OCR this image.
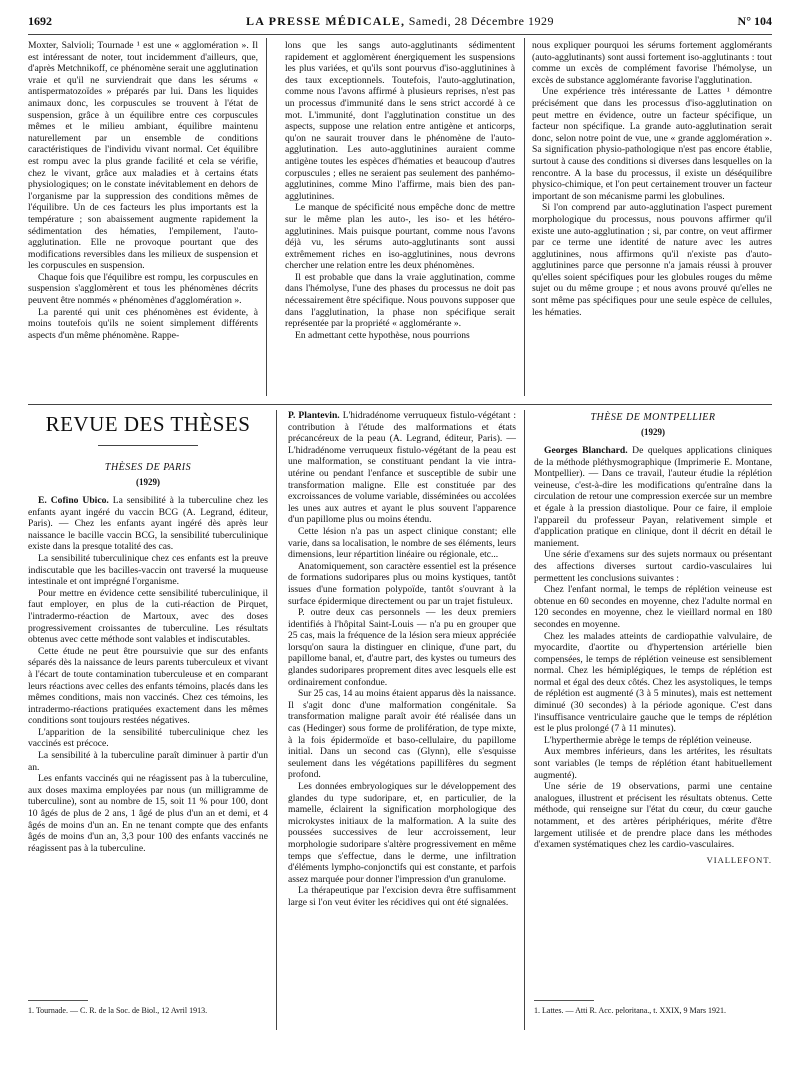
1692	LA PRESSE MÉDICALE, Samedi, 28 Décembre 1929	N° 104

Moxter, Salvioli; Tournade ¹ est une « agglomération ». Il est intéressant de noter, tout incidemment d'ailleurs, que, d'après Metchnikoff, ce phénomène serait une agglutination vraie et qu'il ne surviendrait que dans les sérums « antispermatozoïdes » préparés par lui. Dans les liquides animaux donc, les corpuscules se trouvent à l'état de suspension, grâce à un équilibre entre ces corpuscules mêmes et le milieu ambiant, équilibre maintenu naturellement par un ensemble de conditions caractéristiques de l'individu vivant normal. Cet équilibre est rompu avec la plus grande facilité et cela se vérifie, chez le vivant, grâce aux maladies et à certains états physiologiques; on le constate inévitablement en dehors de l'organisme par la suppression des conditions mêmes de l'équilibre. Un de ces facteurs les plus importants est la température ; son abaissement augmente rapidement la sédimentation des hématies, l'empilement, l'auto-agglutination. Elle ne provoque pourtant que des modifications reversibles dans les milieux de suspension et les corpuscules en suspension.

Chaque fois que l'équilibre est rompu, les corpuscules en suspension s'agglomèrent et tous les phénomènes décrits peuvent être nommés « phénomènes d'agglomération ».

La parenté qui unit ces phénomènes est évidente, à moins toutefois qu'ils ne soient simplement différents aspects d'un même phénomène. Rappe-

lons que les sangs auto-agglutinants sédimentent rapidement et agglomèrent énergiquement les suspensions les plus variées, et qu'ils sont pourvus d'iso-agglutinines à des taux exceptionnels. Toutefois, l'auto-agglutination, comme nous l'avons affirmé à plusieurs reprises, n'est pas un processus d'immunité dans le sens strict accordé à ce mot. L'immunité, dont l'agglutination constitue un des aspects, suppose une relation entre antigène et anticorps, qu'on ne saurait trouver dans le phénomène de l'auto-agglutination. Les auto-agglutinines auraient comme antigène toutes les espèces d'hématies et beaucoup d'autres corpuscules ; elles ne seraient pas seulement des panhémo-agglutinines, comme Mino l'affirme, mais bien des pan-agglutinines.

Le manque de spécificité nous empêche donc de mettre sur le même plan les auto-, les iso- et les hétéro-agglutinines. Mais puisque pourtant, comme nous l'avons déjà vu, les sérums auto-agglutinants sont aussi extrêmement riches en iso-agglutinines, nous devrons chercher une relation entre les deux phénomènes.

Il est probable que dans la vraie agglutination, comme dans l'hémolyse, l'une des phases du processus ne doit pas nécessairement être spécifique. Nous pouvons supposer que dans l'agglutination, la phase non spécifique serait représentée par la propriété « agglomérante ».

En admettant cette hypothèse, nous pourrions

nous expliquer pourquoi les sérums fortement agglomérants (auto-agglutinants) sont aussi fortement iso-agglutinants : tout comme un excès de complément favorise l'hémolyse, un excès de substance agglomérante favorise l'agglutination.

Une expérience très intéressante de Lattes ¹ démontre précisément que dans les processus d'iso-agglutination on peut mettre en évidence, outre un facteur spécifique, un facteur non spécifique. La grande auto-agglutination serait donc, selon notre point de vue, une « grande agglomération ». Sa signification physio-pathologique n'est pas encore établie, surtout à cause des conditions si diverses dans lesquelles on la rencontre. A la base du processus, il existe un déséquilibre physico-chimique, et l'on peut certainement trouver un facteur important de son mécanisme parmi les globulines.

Si l'on comprend par auto-agglutination l'aspect purement morphologique du processus, nous pouvons affirmer qu'il existe une auto-agglutination ; si, par contre, on veut affirmer par ce terme une identité de nature avec les autres agglutinines, nous affirmons qu'il n'existe pas d'auto-agglutinines parce que personne n'a jamais réussi à prouver qu'elles soient spécifiques pour les globules rouges du même sujet ou du même groupe ; et nous avons prouvé qu'elles ne sont même pas spécifiques pour une seule espèce de cellules, les hématies.

REVUE DES THÈSES
THÈSES DE PARIS
(1929)

E. Cofino Ubico. La sensibilité à la tuberculine chez les enfants ayant ingéré du vaccin BCG (A. Legrand, éditeur, Paris). — Chez les enfants ayant ingéré dès après leur naissance le bacille vaccin BCG, la sensibilité tuberculinique existe dans la presque totalité des cas.

La sensibilité tuberculinique chez ces enfants est la preuve indiscutable que les bacilles-vaccin ont traversé la muqueuse intestinale et ont imprégné l'organisme.

Pour mettre en évidence cette sensibilité tuberculinique, il faut employer, en plus de la cuti-réaction de Pirquet, l'intradermo-réaction de Martoux, avec des doses progressivement croissantes de tuberculine. Les résultats obtenus avec cette méthode sont valables et indiscutables.

Cette étude ne peut être poursuivie que sur des enfants séparés dès la naissance de leurs parents tuberculeux et vivant à l'écart de toute contamination tuberculeuse et en comparant leurs réactions avec celles des enfants témoins, placés dans les mêmes conditions, mais non vaccinés. Chez ces témoins, les intradermo-réactions pratiquées exactement dans les mêmes conditions sont toujours restées négatives.

L'apparition de la sensibilité tuberculinique chez les vaccinés est précoce.

La sensibilité à la tuberculine paraît diminuer à partir d'un an.

Les enfants vaccinés qui ne réagissent pas à la tuberculine, aux doses maxima employées par nous (un milligramme de tuberculine), sont au nombre de 15, soit 11 % pour 100, dont 10 âgés de plus de 2 ans, 1 âgé de plus d'un an et demi, et 4 âgés de moins d'un an. En ne tenant compte que des enfants âgés de moins d'un an, 3,3 pour 100 des enfants vaccinés ne réagissent pas à la tuberculine.

1. Tournade. — C. R. de la Soc. de Biol., 12 Avril 1913.

P. Plantevin. L'hidradénome verruqueux fistulo-végétant : contribution à l'étude des malformations et états précancéreux de la peau (A. Legrand, éditeur, Paris). — L'hidradénome verruqueux fistulo-végétant de la peau est une malformation, se constituant pendant la vie intra-utérine ou pendant l'enfance et susceptible de subir une transformation maligne. Elle est constituée par des excroissances de volume variable, disséminées ou accolées les unes aux autres et ayant le plus souvent l'apparence d'un papillome plus ou moins étendu.

Cette lésion n'a pas un aspect clinique constant; elle varie, dans sa localisation, le nombre de ses éléments, leurs dimensions, leur répartition linéaire ou régionale, etc...

Anatomiquement, son caractère essentiel est la présence de formations sudoripares plus ou moins kystiques, tantôt issues d'une formation polypoïde, tantôt s'ouvrant à la surface épidermique directement ou par un trajet fistuleux.

P. outre deux cas personnels — les deux premiers identifiés à l'hôpital Saint-Louis — n'a pu en grouper que 25 cas, mais la fréquence de la lésion sera mieux appréciée lorsqu'on saura la distinguer en clinique, d'une part, du papillome banal, et, d'autre part, des kystes ou tumeurs des glandes sudoripares proprement dites avec lesquels elle est ordinairement confondue.

Sur 25 cas, 14 au moins étaient apparus dès la naissance. Il s'agit donc d'une malformation congénitale. Sa transformation maligne paraît avoir été réalisée dans un cas (Hedinger) sous forme de prolifération, de type mixte, à la fois épidermoïde et baso-cellulaire, du papillome initial. Dans un second cas (Glynn), elle s'esquisse seulement dans les végétations papillifères du segment profond.

Les données embryologiques sur le développement des glandes du type sudoripare, et, en particulier, de la mamelle, éclairent la signification morphologique des microkystes initiaux de la malformation. A la suite des poussées successives de leur accroissement, leur morphologie sudoripare s'altère progressivement en même temps que s'effectue, dans le derme, une infiltration d'éléments lympho-conjonctifs qui est constante, et parfois assez marquée pour donner l'impression d'un granulome.

La thérapeutique par l'excision devra être suffisamment large si l'on veut éviter les récidives qui ont été signalées.

THÈSE DE MONTPELLIER
(1929)

Georges Blanchard. De quelques applications cliniques de la méthode pléthysmographique (Imprimerie E. Montane, Montpellier). — Dans ce travail, l'auteur étudie la réplétion veineuse, c'est-à-dire les modifications qu'entraîne dans la circulation de retour une compression exercée sur un membre et égale à la pression diastolique. Pour ce faire, il emploie l'appareil du professeur Payan, relativement simple et d'application pratique en clinique, dont il décrit en détail le maniement.

Une série d'examens sur des sujets normaux ou présentant des affections diverses surtout cardio-vasculaires lui permettent les conclusions suivantes :

Chez l'enfant normal, le temps de réplétion veineuse est obtenue en 60 secondes en moyenne, chez l'adulte normal en 120 secondes en moyenne, chez le vieillard normal en 180 secondes en moyenne.

Chez les malades atteints de cardiopathie valvulaire, de myocardite, d'aortite ou d'hypertension artérielle bien compensées, le temps de réplétion veineuse est sensiblement normal. Chez les hémiplégiques, le temps de réplétion est normal et égal des deux côtés. Chez les asystoliques, le temps de réplétion est augmenté (3 à 5 minutes), mais est nettement diminué (30 secondes) à la période agonique. C'est dans l'insuffisance ventriculaire gauche que le temps de réplétion est le plus prolongé (7 à 11 minutes).

L'hyperthermie abrège le temps de réplétion veineuse.

Aux membres inférieurs, dans les artérites, les résultats sont variables (le temps de réplétion étant habituellement augmenté).

Une série de 19 observations, parmi une centaine analogues, illustrent et précisent les résultats obtenus. Cette méthode, qui renseigne sur l'état du cœur, du cœur gauche notamment, et des artères périphériques, mérite d'être largement utilisée et de prendre place dans les méthodes d'examen systématiques chez les cardio-vasculaires.

VIALLEFONT.
1. Lattes. — Atti R. Acc. peloritana., t. XXIX, 9 Mars 1921.
